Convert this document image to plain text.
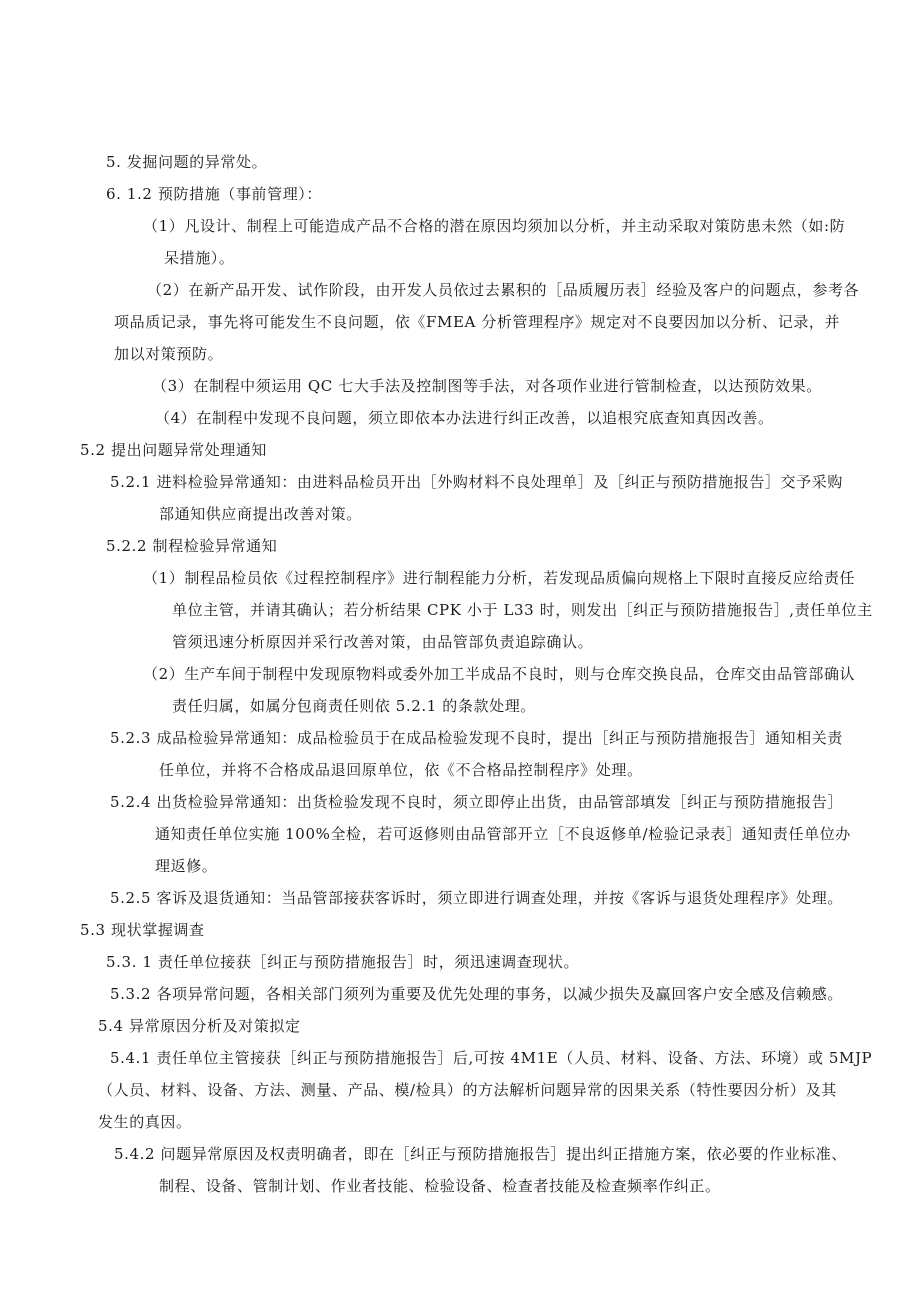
5. 发掘问题的异常处。
6. 1.2 预防措施（事前管理）：
（1）凡设计、制程上可能造成产品不合格的潜在原因均须加以分析，并主动采取对策防患未然（如:防
呆措施）。
（2）在新产品开发、试作阶段，由开发人员依过去累积的［品质履历表］经验及客户的问题点，参考各
项品质记录，事先将可能发生不良问题，依《FMEA 分析管理程序》规定对不良要因加以分析、记录，并
加以对策预防。
（3）在制程中须运用 QC 七大手法及控制图等手法，对各项作业进行管制检查，以达预防效果。
（4）在制程中发现不良问题，须立即依本办法进行纠正改善，以追根究底查知真因改善。
5.2 提出问题异常处理通知
5.2.1 进料检验异常通知：由进料品检员开出［外购材料不良处理单］及［纠正与预防措施报告］交予采购
部通知供应商提出改善对策。
5.2.2 制程检验异常通知
（1）制程品检员依《过程控制程序》进行制程能力分析，若发现品质偏向规格上下限时直接反应给责任
单位主管，并请其确认；若分析结果 CPK 小于 L33 时，则发出［纠正与预防措施报告］,责任单位主
管须迅速分析原因并采行改善对策，由品管部负责追踪确认。
（2）生产车间于制程中发现原物料或委外加工半成品不良时，则与仓库交换良品，仓库交由品管部确认
责任归属，如属分包商责任则依 5.2.1 的条款处理。
5.2.3 成品检验异常通知：成品检验员于在成品检验发现不良时，提出［纠正与预防措施报告］通知相关责
任单位，并将不合格成品退回原单位，依《不合格品控制程序》处理。
5.2.4 出货检验异常通知：出货检验发现不良时，须立即停止出货，由品管部填发［纠正与预防措施报告］
通知责任单位实施 100%全检，若可返修则由品管部开立［不良返修单/检验记录表］通知责任单位办
理返修。
5.2.5 客诉及退货通知：当品管部接获客诉时，须立即进行调查处理，并按《客诉与退货处理程序》处理。
5.3 现状掌握调查
5.3. 1 责任单位接获［纠正与预防措施报告］时，须迅速调查现状。
5.3.2 各项异常问题，各相关部门须列为重要及优先处理的事务，以减少损失及赢回客户安全感及信赖感。
5.4 异常原因分析及对策拟定
5.4.1 责任单位主管接获［纠正与预防措施报告］后,可按 4M1E（人员、材料、设备、方法、环境）或 5MJP
（人员、材料、设备、方法、测量、产品、模/检具）的方法解析问题异常的因果关系（特性要因分析）及其
发生的真因。
5.4.2 问题异常原因及权责明确者，即在［纠正与预防措施报告］提出纠正措施方案，依必要的作业标准、
制程、设备、管制计划、作业者技能、检验设备、检查者技能及检查频率作纠正。
